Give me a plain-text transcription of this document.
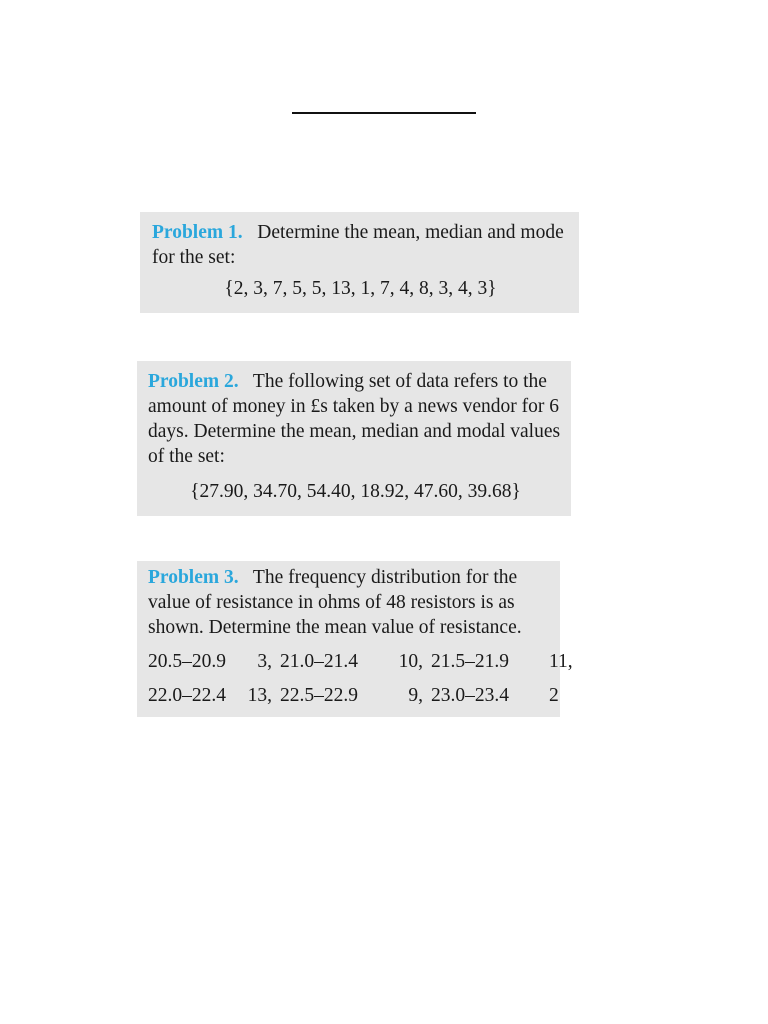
Problem 1. Determine the mean, median and mode for the set:
{2, 3, 7, 5, 5, 13, 1, 7, 4, 8, 3, 4, 3}
Problem 2. The following set of data refers to the amount of money in £s taken by a news vendor for 6 days. Determine the mean, median and modal values of the set:
{27.90, 34.70, 54.40, 18.92, 47.60, 39.68}
Problem 3. The frequency distribution for the value of resistance in ohms of 48 resistors is as shown. Determine the mean value of resistance.
20.5–20.9	3, 21.0–21.4	10, 21.5–21.9	11,
22.0–22.4	13, 22.5–22.9	9, 23.0–23.4	2
